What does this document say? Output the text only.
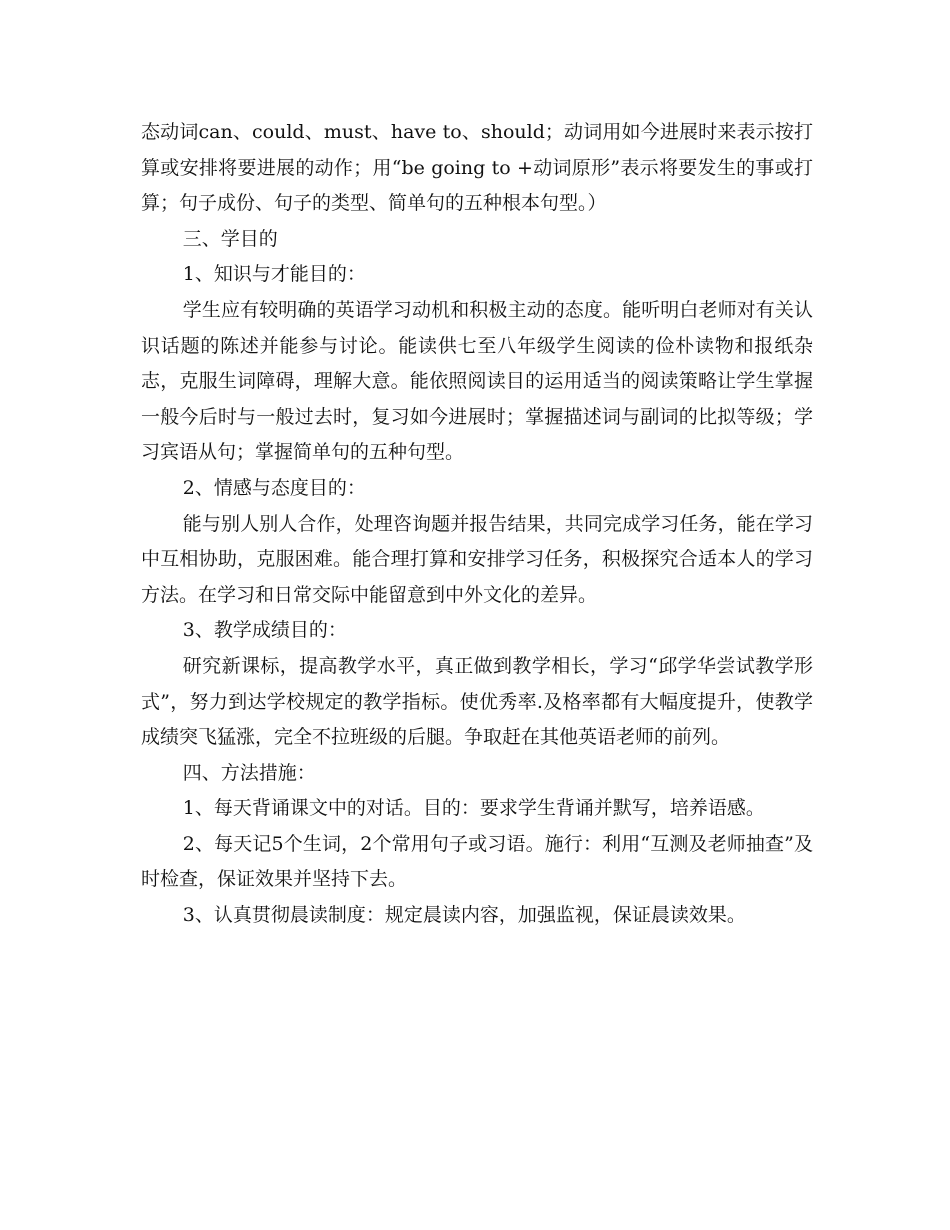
态动词can、could、must、have to、should；动词用如今进展时来表示按打算或安排将要进展的动作；用“be going to +动词原形”表示将要发生的事或打算；句子成份、句子的类型、简单句的五种根本句型。）

三、学目的

1、知识与才能目的：

学生应有较明确的英语学习动机和积极主动的态度。能听明白老师对有关认识话题的陈述并能参与讨论。能读供七至八年级学生阅读的俭朴读物和报纸杂志，克服生词障碍，理解大意。能依照阅读目的运用适当的阅读策略让学生掌握一般今后时与一般过去时，复习如今进展时；掌握描述词与副词的比拟等级；学习宾语从句；掌握简单句的五种句型。

2、情感与态度目的：

能与别人别人合作，处理咨询题并报告结果，共同完成学习任务，能在学习中互相协助，克服困难。能合理打算和安排学习任务，积极探究合适本人的学习方法。在学习和日常交际中能留意到中外文化的差异。

3、教学成绩目的：

研究新课标，提高教学水平，真正做到教学相长，学习“邱学华尝试教学形式”，努力到达学校规定的教学指标。使优秀率.及格率都有大幅度提升，使教学成绩突飞猛涨，完全不拉班级的后腿。争取赶在其他英语老师的前列。

四、方法措施：

1、每天背诵课文中的对话。目的：要求学生背诵并默写，培养语感。

2、每天记5个生词，2个常用句子或习语。施行：利用“互测及老师抽查”及时检查，保证效果并坚持下去。

3、认真贯彻晨读制度：规定晨读内容，加强监视，保证晨读效果。
